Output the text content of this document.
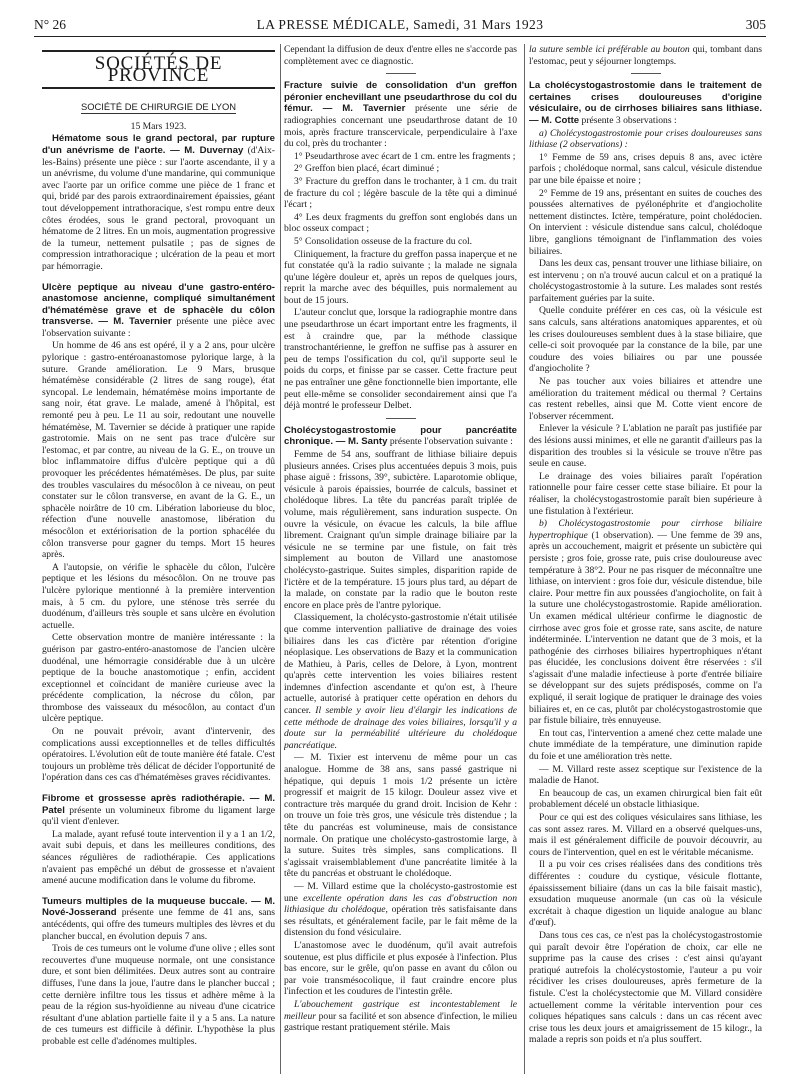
N° 26	LA PRESSE MÉDICALE, Samedi, 31 Mars 1923	305
SOCIÉTÉS DE PROVINCE
SOCIÉTÉ DE CHIRURGIE DE LYON

15 Mars 1923.

Hématome sous le grand pectoral, par rupture d'un anévrisme de l'aorte. — M. Duvernay (d'Aix-les-Bains) présente une pièce : sur l'aorte ascendante, il y a un anévrisme, du volume d'une mandarine, qui communique avec l'aorte par un orifice comme une pièce de 1 franc et qui, bridé par des parois extraordinairement épaissies, géant tout développement intrathoracique, s'est rompu entre deux côtes érodées, sous le grand pectoral, provoquant un hématome de 2 litres. En un mois, augmentation progressive de la tumeur, nettement pulsatile ; pas de signes de compression intrathoracique ; ulcération de la peau et mort par hémorragie.

Ulcère peptique au niveau d'une gastro-entéro-anastomose ancienne, compliqué simultanément d'hématémèse grave et de sphacèle du côlon transverse. — M. Tavernier présente une pièce avec l'observation suivante :

Un homme de 46 ans est opéré, il y a 2 ans, pour ulcère pylorique : gastro-entéroanastomose pylorique large, à la suture. Grande amélioration. Le 9 Mars, brusque hématémèse considérable (2 litres de sang rouge), état syncopal. Le lendemain, hématémèse moins importante de sang noir, état grave. Le malade, amené à l'hôpital, est remonté peu à peu. Le 11 au soir, redoutant une nouvelle hématémèse, M. Tavernier se décide à pratiquer une rapide gastrotomie. Mais on ne sent pas trace d'ulcère sur l'estomac, et par contre, au niveau de la G. E., on trouve un bloc inflammatoire diffus d'ulcère peptique qui a dû provoquer les précédentes hématémèses. De plus, par suite des troubles vasculaires du mésocôlon à ce niveau, on peut constater sur le côlon transverse, en avant de la G. E., un sphacèle noirâtre de 10 cm. Libération laborieuse du bloc, réfection d'une nouvelle anastomose, libération du mésocôlon et extériorisation de la portion sphacélée du côlon transverse pour gagner du temps. Mort 15 heures après.

A l'autopsie, on vérifie le sphacèle du côlon, l'ulcère peptique et les lésions du mésocôlon. On ne trouve pas l'ulcère pylorique mentionné à la première intervention mais, à 5 cm. du pylore, une sténose très serrée du duodénum, d'ailleurs très souple et sans ulcère en évolution actuelle.

Cette observation montre de manière intéressante : la guérison par gastro-entéro-anastomose de l'ancien ulcère duodénal, une hémorragie considérable due à un ulcère peptique de la bouche anastomotique ; enfin, accident exceptionnel et coïncidant de manière curieuse avec la précédente complication, la nécrose du côlon, par thrombose des vaisseaux du mésocôlon, au contact d'un ulcère peptique.

On ne pouvait prévoir, avant d'intervenir, des complications aussi exceptionnelles et de telles difficultés opératoires. L'évolution eût de toute manière été fatale. C'est toujours un problème très délicat de décider l'opportunité de l'opération dans ces cas d'hématémèses graves récidivantes.

Fibrome et grossesse après radiothérapie. — M. Patel présente un volumineux fibrome du ligament large qu'il vient d'enlever.

La malade, ayant refusé toute intervention il y a 1 an 1/2, avait subi depuis, et dans les meilleures conditions, des séances régulières de radiothérapie. Ces applications n'avaient pas empêché un début de grossesse et n'avaient amené aucune modification dans le volume du fibrome.

Tumeurs multiples de la muqueuse buccale. — M. Nové-Josserand présente une femme de 41 ans, sans antécédents, qui offre des tumeurs multiples des lèvres et du plancher buccal, en évolution depuis 7 ans.

Trois de ces tumeurs ont le volume d'une olive ; elles sont recouvertes d'une muqueuse normale, ont une consistance dure, et sont bien délimitées. Deux autres sont au contraire diffuses, l'une dans la joue, l'autre dans le plancher buccal ; cette dernière infiltre tous les tissus et adhère même à la peau de la région sus-hyoïdienne au niveau d'une cicatrice résultant d'une ablation partielle faite il y a 5 ans. La nature de ces tumeurs est difficile à définir. L'hypothèse la plus probable est celle d'adénomes multiples.

Cependant la diffusion de deux d'entre elles ne s'accorde pas complètement avec ce diagnostic.

Fracture suivie de consolidation d'un greffon péronier enchevillant une pseudarthrose du col du fémur. — M. Tavernier présente une série de radiographies concernant une pseudarthrose datant de 10 mois, après fracture transcervicale, perpendiculaire à l'axe du col, près du trochanter :

1° Pseudarthrose avec écart de 1 cm. entre les fragments ;

2° Greffon bien placé, écart diminué ;

3° Fracture du greffon dans le trochanter, à 1 cm. du trait de fracture du col ; légère bascule de la tête qui a diminué l'écart ;

4° Les deux fragments du greffon sont englobés dans un bloc osseux compact ;

5° Consolidation osseuse de la fracture du col.

Cliniquement, la fracture du greffon passa inaperçue et ne fut constatée qu'à la radio suivante ; la malade ne signala qu'une légère douleur et, après un repos de quelques jours, reprit la marche avec des béquilles, puis normalement au bout de 15 jours.

L'auteur conclut que, lorsque la radiographie montre dans une pseudarthrose un écart important entre les fragments, il est à craindre que, par la méthode classique transtrochantérienne, le greffon ne suffise pas à assurer en peu de temps l'ossification du col, qu'il supporte seul le poids du corps, et finisse par se casser. Cette fracture peut ne pas entraîner une gêne fonctionnelle bien importante, elle peut elle-même se consolider secondairement ainsi que l'a déjà montré le professeur Delbet.

Cholécystogastrostomie pour pancréatite chronique. — M. Santy présente l'observation suivante :

Femme de 54 ans, souffrant de lithiase biliaire depuis plusieurs années. Crises plus accentuées depuis 3 mois, puis phase aiguë : frissons, 39°, subictère. Laparotomie oblique, vésicule à parois épaissies, bourrée de calculs, bassinet et cholédoque libres. La tête du pancréas paraît triplée de volume, mais régulièrement, sans induration suspecte. On ouvre la vésicule, on évacue les calculs, la bile afflue librement. Craignant qu'un simple drainage biliaire par la vésicule ne se termine par une fistule, on fait très simplement au bouton de Villard une anastomose cholécysto-gastrique. Suites simples, disparition rapide de l'ictère et de la température. 15 jours plus tard, au départ de la malade, on constate par la radio que le bouton reste encore en place près de l'antre pylorique.

Classiquement, la cholécysto-gastrostomie n'était utilisée que comme intervention palliative de drainage des voies biliaires dans les cas d'ictère par rétention d'origine néoplasique. Les observations de Bazy et la communication de Mathieu, à Paris, celles de Delore, à Lyon, montrent qu'après cette intervention les voies biliaires restent indemnes d'infection ascendante et qu'on est, à l'heure actuelle, autorisé à pratiquer cette opération en dehors du cancer. Il semble y avoir lieu d'élargir les indications de cette méthode de drainage des voies biliaires, lorsqu'il y a doute sur la perméabilité ultérieure du cholédoque pancréatique.

— M. Tixier est intervenu de même pour un cas analogue. Homme de 38 ans, sans passé gastrique ni hépatique, qui depuis 1 mois 1/2 présente un ictère progressif et maigrit de 15 kilogr. Douleur assez vive et contracture très marquée du grand droit. Incision de Kehr : on trouve un foie très gros, une vésicule très distendue ; la tête du pancréas est volumineuse, mais de consistance normale. On pratique une cholécysto-gastrostomie large, à la suture. Suites très simples, sans complications. Il s'agissait vraisemblablement d'une pancréatite limitée à la tête du pancréas et obstruant le cholédoque.

— M. Villard estime que la cholécysto-gastrostomie est une excellente opération dans les cas d'obstruction non lithiasique du cholédoque, opération très satisfaisante dans ses résultats, et généralement facile, par le fait même de la distension du fond vésiculaire.

L'anastomose avec le duodénum, qu'il avait autrefois soutenue, est plus difficile et plus exposée à l'infection. Plus bas encore, sur le grêle, qu'on passe en avant du côlon ou par voie transmésocolique, il faut craindre encore plus l'infection et les coudures de l'intestin grêle.

L'abouchement gastrique est incontestablement le meilleur pour sa facilité et son absence d'infection, le milieu gastrique restant pratiquement stérile. Mais

la suture semble ici préférable au bouton qui, tombant dans l'estomac, peut y séjourner longtemps.

La cholécystogastrostomie dans le traitement de certaines crises douloureuses d'origine vésiculaire, ou de cirrhoses biliaires sans lithiase. — M. Cotte présente 3 observations :

a) Cholécystogastrostomie pour crises douloureuses sans lithiase (2 observations) :

1° Femme de 59 ans, crises depuis 8 ans, avec ictère parfois ; cholédoque normal, sans calcul, vésicule distendue par une bile épaisse et noire ;

2° Femme de 19 ans, présentant en suites de couches des poussées alternatives de pyélonéphrite et d'angiocholite nettement distinctes. Ictère, température, point cholédocien. On intervient : vésicule distendue sans calcul, cholédoque libre, ganglions témoignant de l'inflammation des voies biliaires.

Dans les deux cas, pensant trouver une lithiase biliaire, on est intervenu ; on n'a trouvé aucun calcul et on a pratiqué la cholécystogastrostomie à la suture. Les malades sont restés parfaitement guéries par la suite.

Quelle conduite préférer en ces cas, où la vésicule est sans calculs, sans altérations anatomiques apparentes, et où les crises douloureuses semblent dues à la stase biliaire, que celle-ci soit provoquée par la constance de la bile, par une coudure des voies biliaires ou par une poussée d'angiocholite ?

Ne pas toucher aux voies biliaires et attendre une amélioration du traitement médical ou thermal ? Certains cas restent rebelles, ainsi que M. Cotte vient encore de l'observer récemment.

Enlever la vésicule ? L'ablation ne paraît pas justifiée par des lésions aussi minimes, et elle ne garantit d'ailleurs pas la disparition des troubles si la vésicule se trouve n'être pas seule en cause.

Le drainage des voies biliaires paraît l'opération rationnelle pour faire cesser cette stase biliaire. Et pour la réaliser, la cholécystogastrostomie paraît bien supérieure à une fistulation à l'extérieur.

b) Cholécystogastrostomie pour cirrhose biliaire hypertrophique (1 observation). — Une femme de 39 ans, après un accouchement, maigrit et présente un subictère qui persiste ; gros foie, grosse rate, puis crise douloureuse avec température à 38°2. Pour ne pas risquer de méconnaître une lithiase, on intervient : gros foie dur, vésicule distendue, bile claire. Pour mettre fin aux poussées d'angiocholite, on fait à la suture une cholécystogastrostomie. Rapide amélioration. Un examen médical ultérieur confirme le diagnostic de cirrhose avec gros foie et grosse rate, sans ascite, de nature indéterminée. L'intervention ne datant que de 3 mois, et la pathogénie des cirrhoses biliaires hypertrophiques n'étant pas élucidée, les conclusions doivent être réservées : s'il s'agissait d'une maladie infectieuse à porte d'entrée biliaire se développant sur des sujets prédisposés, comme on l'a expliqué, il serait logique de pratiquer le drainage des voies biliaires et, en ce cas, plutôt par cholécystogastrostomie que par fistule biliaire, très ennuyeuse.

En tout cas, l'intervention a amené chez cette malade une chute immédiate de la température, une diminution rapide du foie et une amélioration très nette.

— M. Villard reste assez sceptique sur l'existence de la maladie de Hanot.

En beaucoup de cas, un examen chirurgical bien fait eût probablement décelé un obstacle lithiasique.

Pour ce qui est des coliques vésiculaires sans lithiase, les cas sont assez rares. M. Villard en a observé quelques-uns, mais il est généralement difficile de pouvoir découvrir, au cours de l'intervention, quel en est le véritable mécanisme.

Il a pu voir ces crises réalisées dans des conditions très différentes : coudure du cystique, vésicule flottante, épaississement biliaire (dans un cas la bile faisait mastic), exsudation muqueuse anormale (un cas où la vésicule excrétait à chaque digestion un liquide analogue au blanc d'œuf).

Dans tous ces cas, ce n'est pas la cholécystogastrostomie qui paraît devoir être l'opération de choix, car elle ne supprime pas la cause des crises : c'est ainsi qu'ayant pratiqué autrefois la cholécystostomie, l'auteur a pu voir récidiver les crises douloureuses, après fermeture de la fistule. C'est la cholécystectomie que M. Villard considère actuellement comme la véritable intervention pour ces coliques hépatiques sans calculs : dans un cas récent avec crise tous les deux jours et amaigrissement de 15 kilogr., la malade a repris son poids et n'a plus souffert.
